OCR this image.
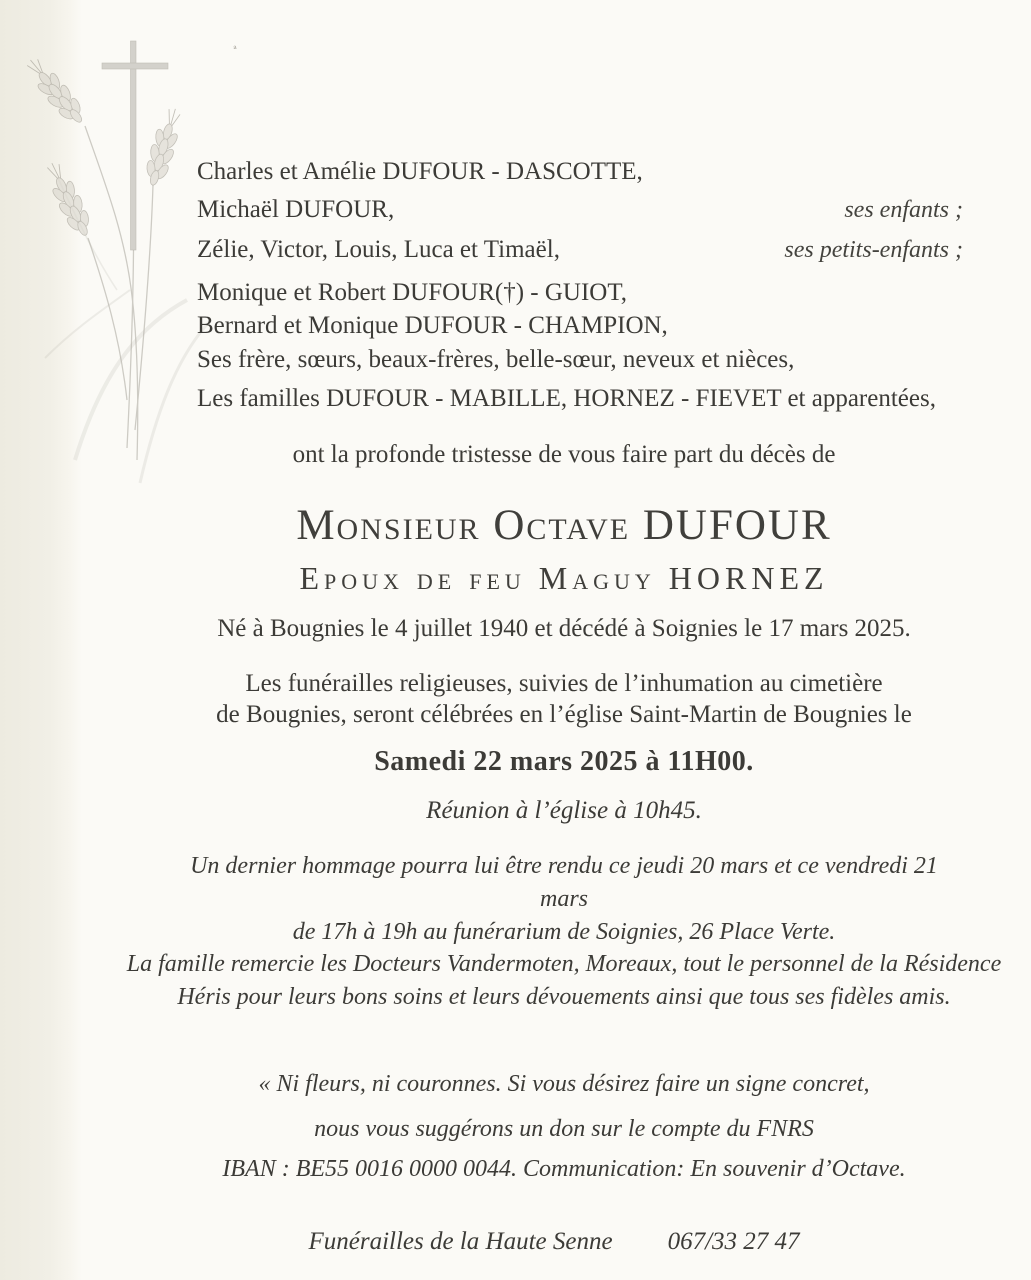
ª
Charles et Amélie DUFOUR - DASCOTTE,
Michaël DUFOUR,	ses enfants ;
Zélie, Victor, Louis, Luca et Timaël,	ses petits-enfants ;
Monique et Robert DUFOUR(†) - GUIOT,
Bernard et Monique DUFOUR - CHAMPION,
Ses frère, sœurs, beaux-frères, belle-sœur, neveux et nièces,
Les familles DUFOUR - MABILLE, HORNEZ - FIEVET et apparentées,
ont la profonde tristesse de vous faire part du décès de
Monsieur Octave DUFOUR
Epoux de feu Maguy HORNEZ
Né à Bougnies le 4 juillet 1940 et décédé à Soignies le 17 mars 2025.
Les funérailles religieuses, suivies de l’inhumation au cimetière
de Bougnies, seront célébrées en l’église Saint-Martin de Bougnies le
Samedi 22 mars 2025 à 11H00.
Réunion à l’église à 10h45.
Un dernier hommage pourra lui être rendu ce jeudi 20 mars et ce vendredi 21 mars
de 17h à 19h au funérarium de Soignies, 26 Place Verte.
La famille remercie les Docteurs Vandermoten, Moreaux, tout le personnel de la Résidence
Héris pour leurs bons soins et leurs dévouements ainsi que tous ses fidèles amis.
« Ni fleurs, ni couronnes. Si vous désirez faire un signe concret,
nous vous suggérons un don sur le compte du FNRS
IBAN : BE55 0016 0000 0044. Communication: En souvenir d’Octave.
Funérailles de la Haute Senne 067/33 27 47
